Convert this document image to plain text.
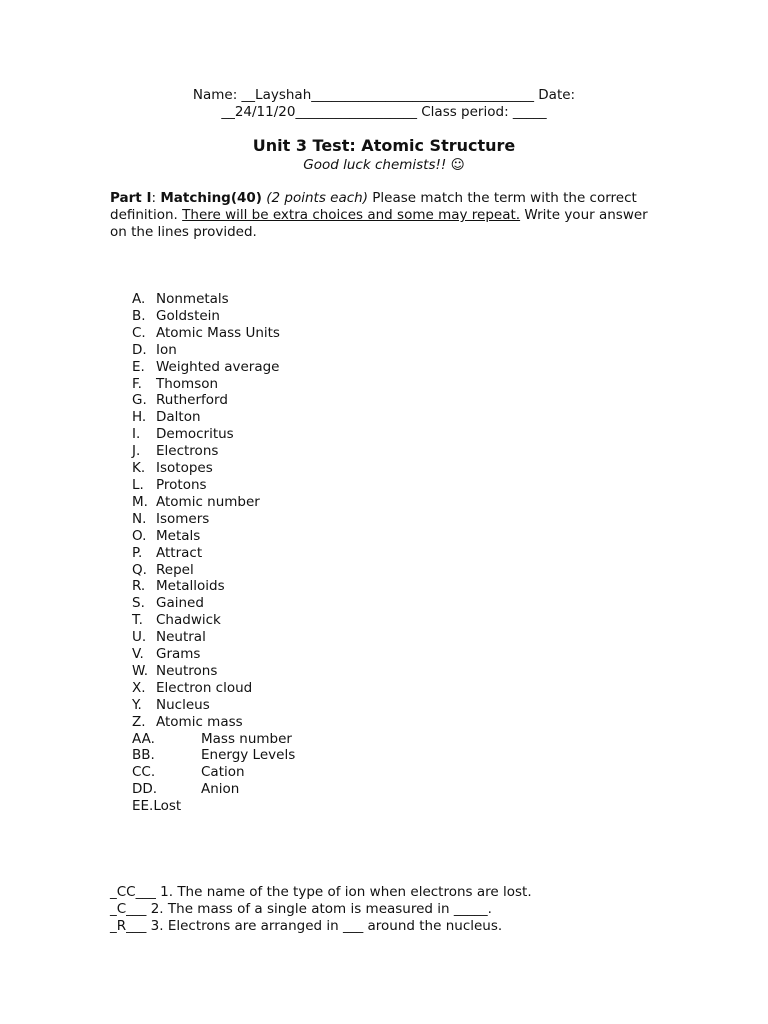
Name: __Layshah_________________________________ Date:
__24/11/20__________________ Class period: _____
Unit 3 Test: Atomic Structure
Good luck chemists!! ☺
Part I: Matching(40) (2 points each) Please match the term with the correct definition. There will be extra choices and some may repeat. Write your answer on the lines provided.
A. Nonmetals
B. Goldstein
C. Atomic Mass Units
D. Ion
E. Weighted average
F.	Thomson
G. Rutherford
H. Dalton
I.	Democritus
J.	Electrons
K. Isotopes
L. Protons
M. Atomic number
N. Isomers
O. Metals
P.	Attract
Q. Repel
R. Metalloids
S. Gained
T. Chadwick
U. Neutral
V. Grams
W. Neutrons
X. Electron cloud
Y.	Nucleus
Z. Atomic mass
AA.	Mass number
BB.	Energy Levels
CC.	Cation
DD.	Anion
EE. Lost
_CC___ 1. The name of the type of ion when electrons are lost.
_C___ 2. The mass of a single atom is measured in _____.
_R___ 3. Electrons are arranged in ___ around the nucleus.
